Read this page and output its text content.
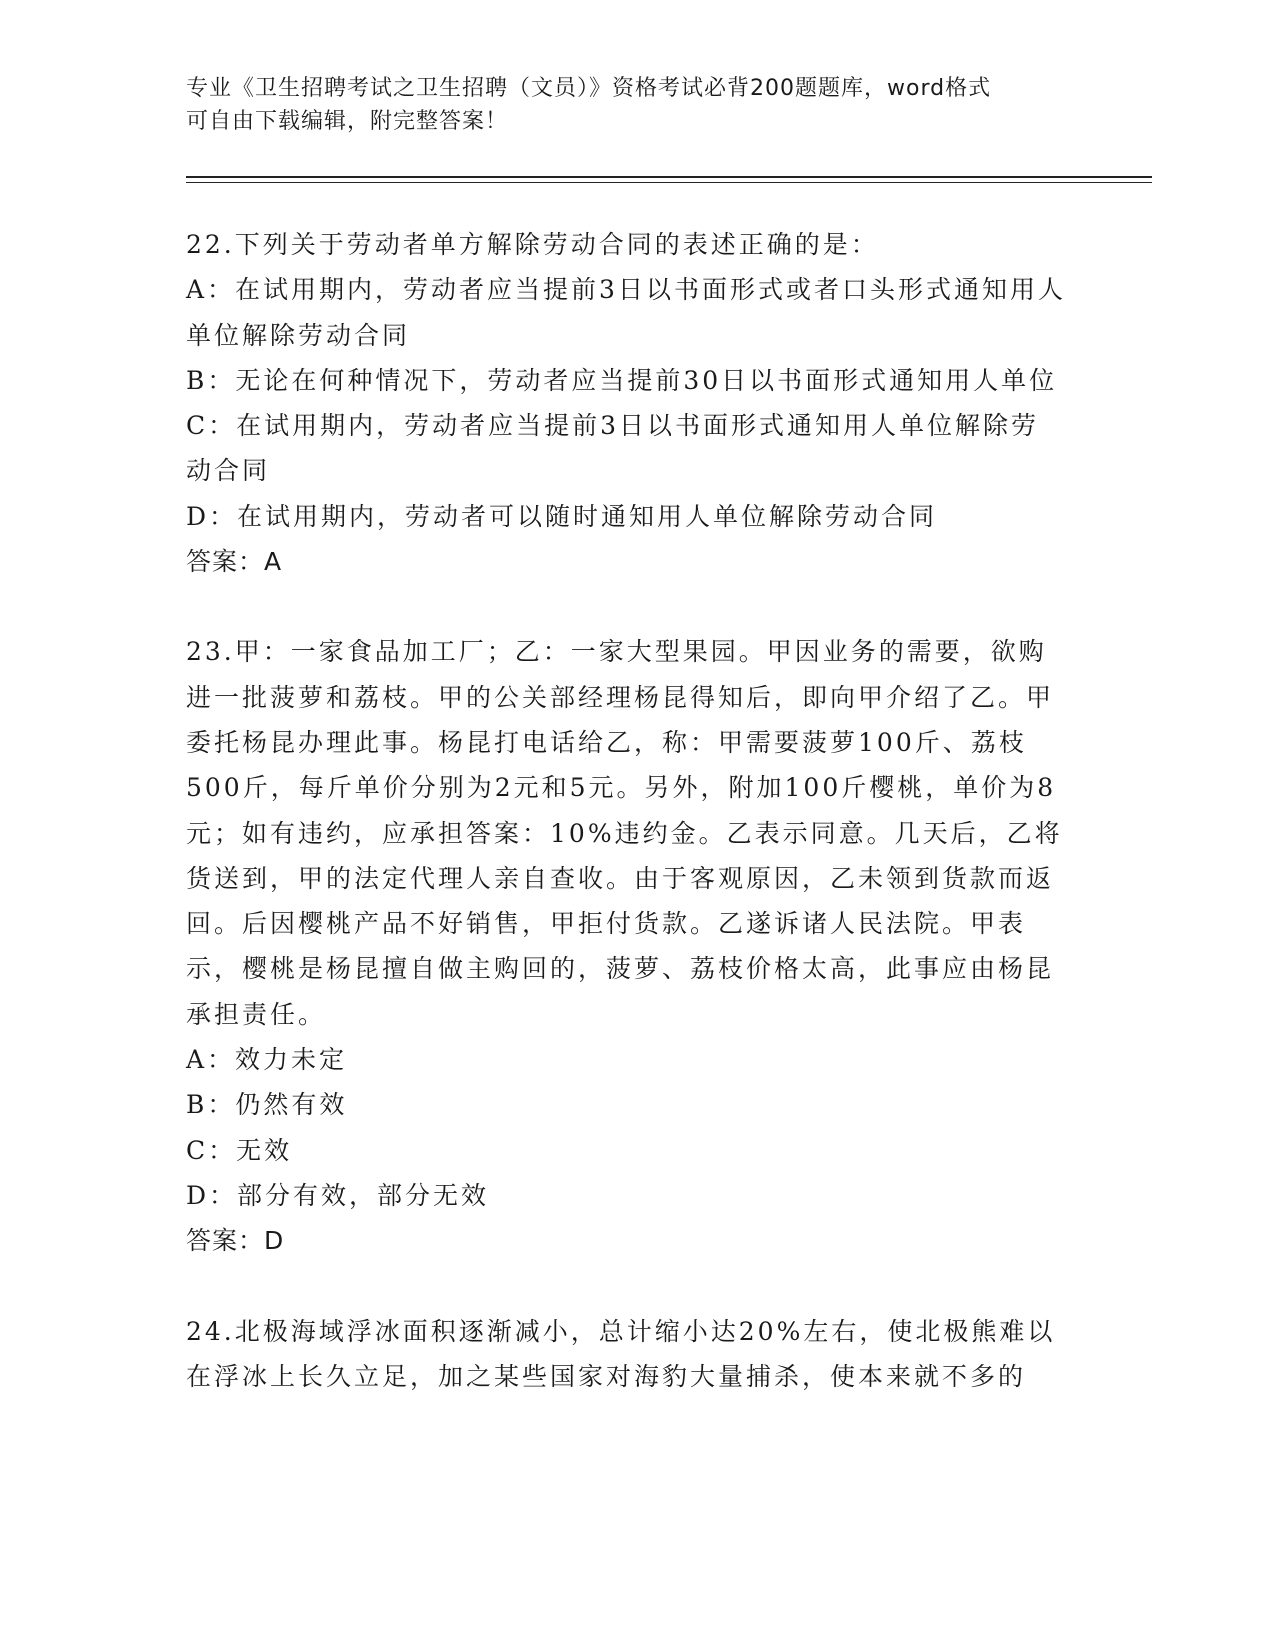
专业《卫生招聘考试之卫生招聘（文员）》资格考试必背200题题库，word格式
可自由下载编辑，附完整答案！

22.下列关于劳动者单方解除劳动合同的表述正确的是：

A：在试用期内，劳动者应当提前3日以书面形式或者口头形式通知用人单位解除劳动合同

B：无论在何种情况下，劳动者应当提前30日以书面形式通知用人单位

C：在试用期内，劳动者应当提前3日以书面形式通知用人单位解除劳动合同

D：在试用期内，劳动者可以随时通知用人单位解除劳动合同

答案：A

23.甲：一家食品加工厂；乙：一家大型果园。甲因业务的需要，欲购进一批菠萝和荔枝。甲的公关部经理杨昆得知后，即向甲介绍了乙。甲委托杨昆办理此事。杨昆打电话给乙，称：甲需要菠萝100斤、荔枝500斤，每斤单价分别为2元和5元。另外，附加100斤樱桃，单价为8元；如有违约，应承担答案：10%违约金。乙表示同意。几天后，乙将货送到，甲的法定代理人亲自查收。由于客观原因，乙未领到货款而返回。后因樱桃产品不好销售，甲拒付货款。乙遂诉诸人民法院。甲表示，樱桃是杨昆擅自做主购回的，菠萝、荔枝价格太高，此事应由杨昆承担责任。

A：效力未定

B：仍然有效

C：无效

D：部分有效，部分无效

答案：D

24.北极海域浮冰面积逐渐减小，总计缩小达20%左右，使北极熊难以在浮冰上长久立足，加之某些国家对海豹大量捕杀，使本来就不多的
